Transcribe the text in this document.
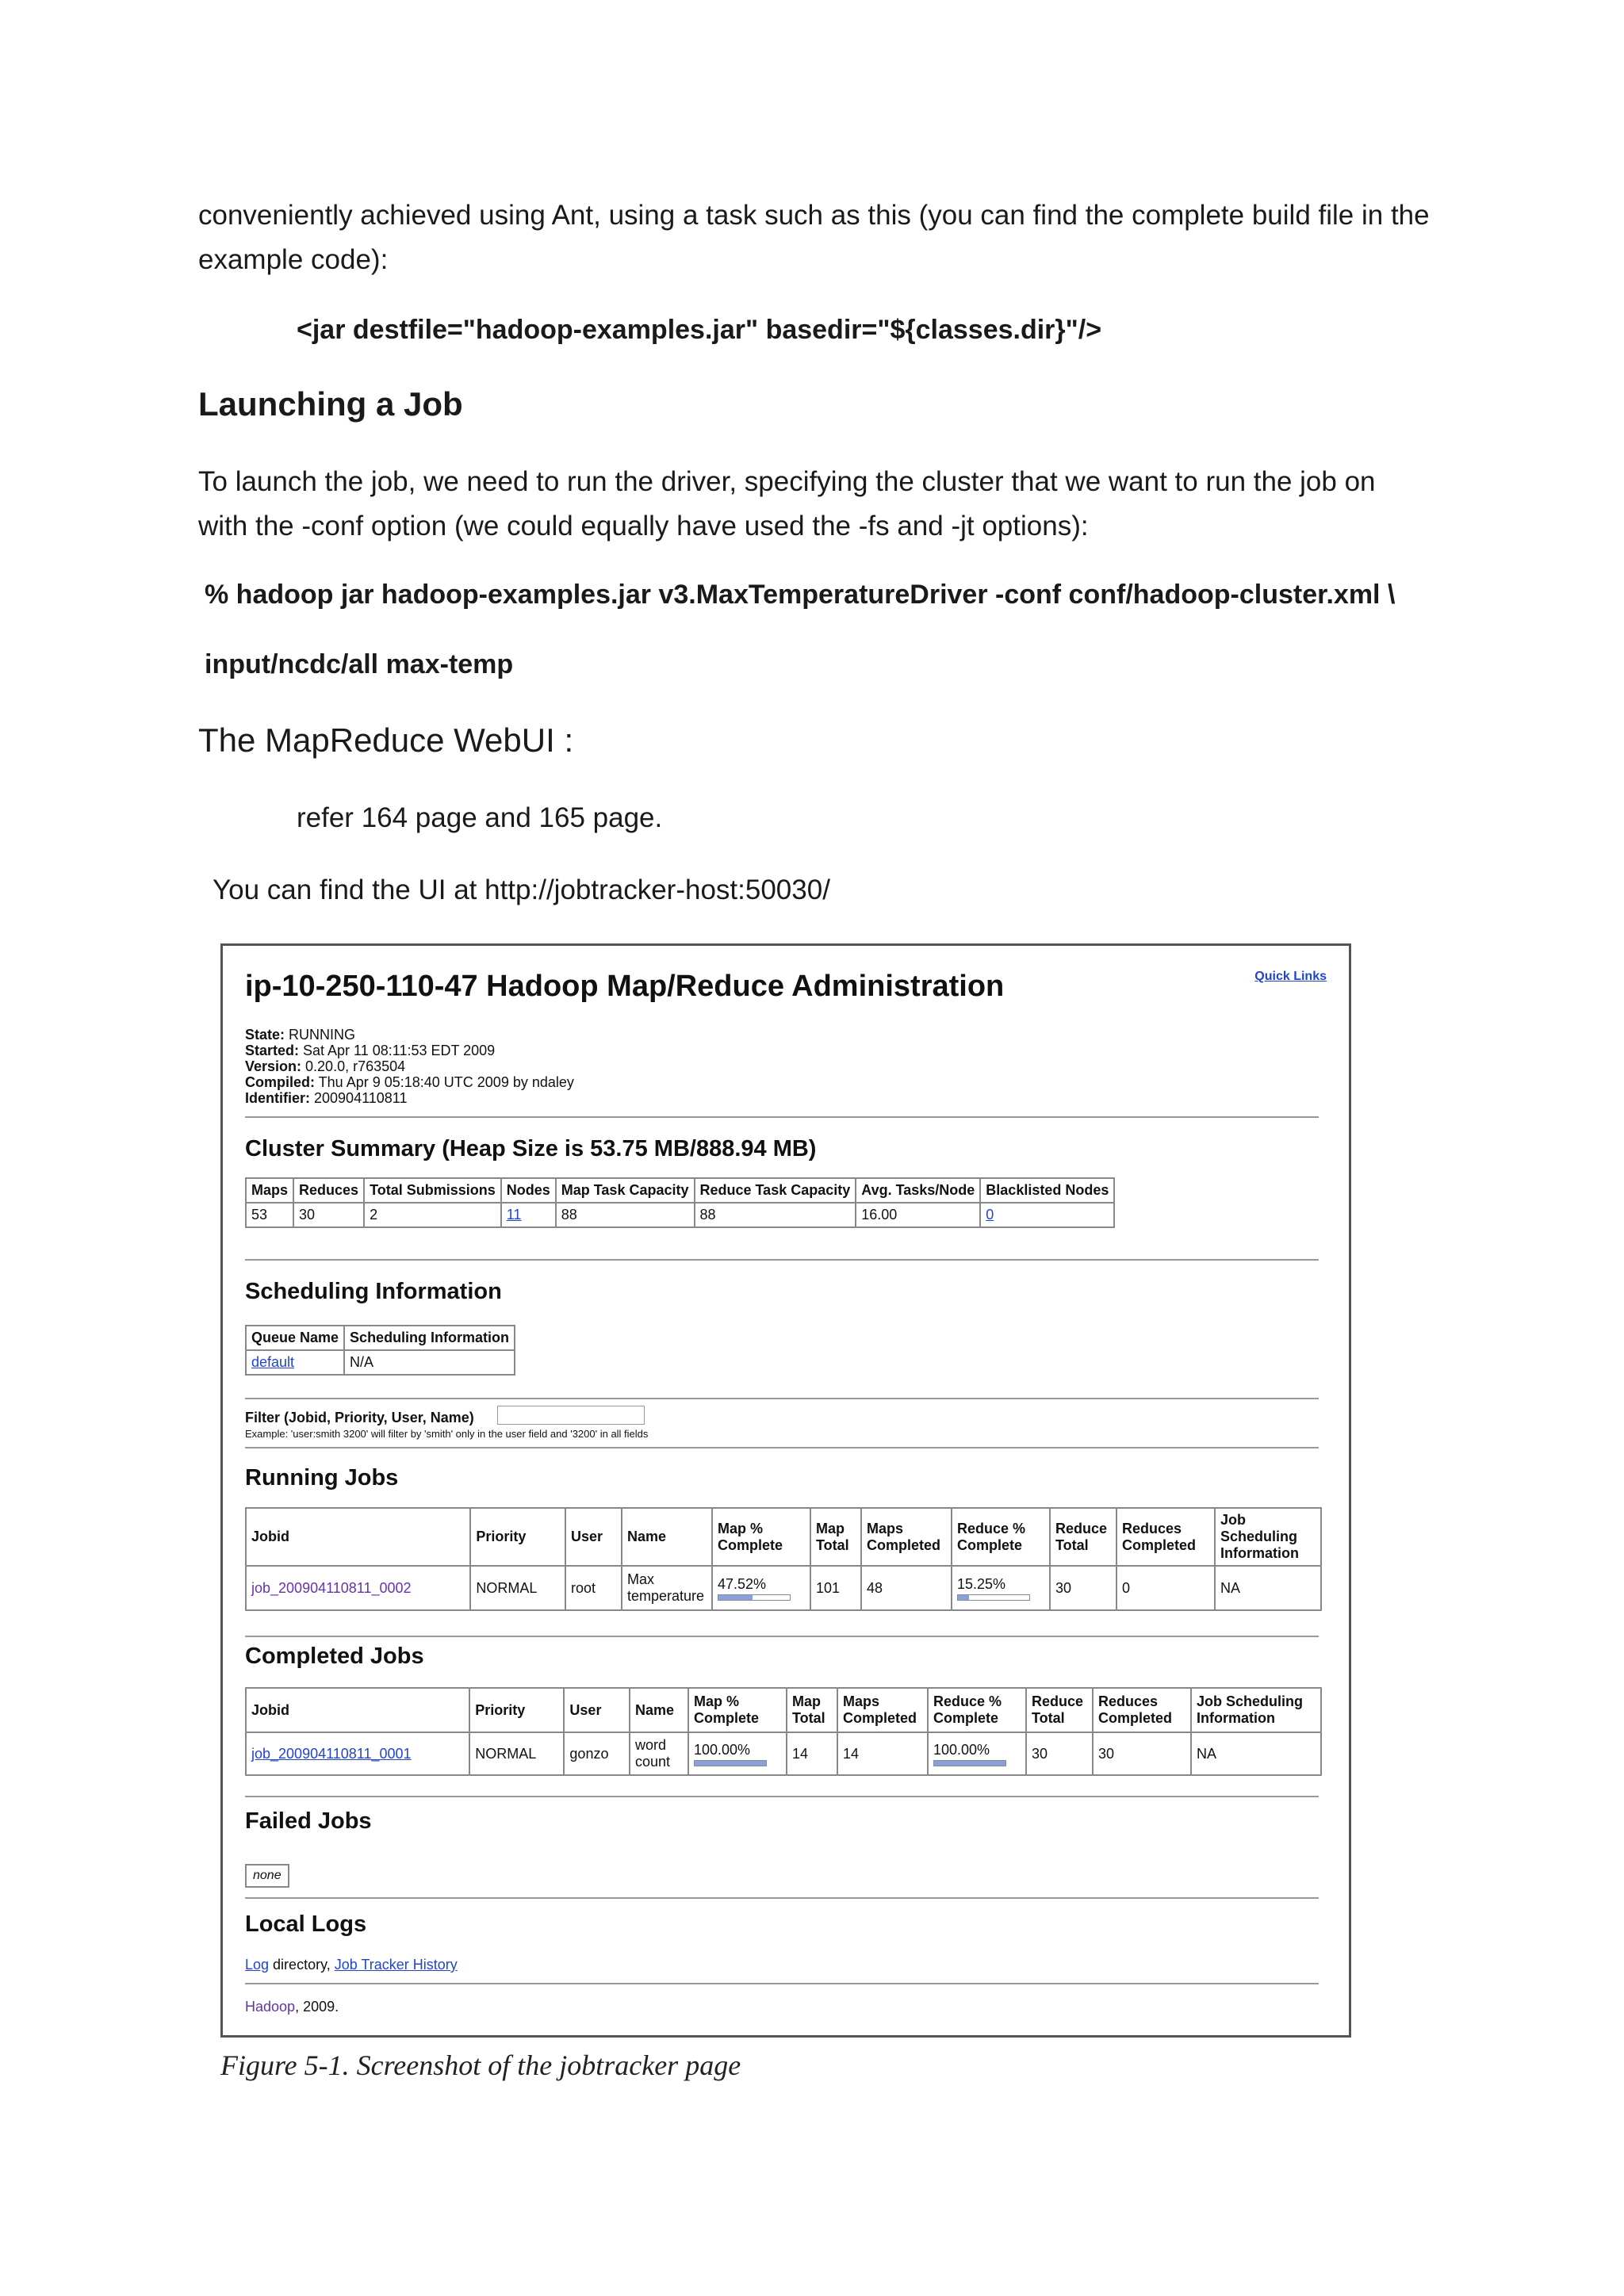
conveniently achieved using Ant, using a task such as this (you can find the complete build file in the
example code):
<jar destfile="hadoop-examples.jar" basedir="${classes.dir}"/>
Launching a Job
To launch the job, we need to run the driver, specifying the cluster that we want to run the job on
with the -conf option (we could equally have used the -fs and -jt options):
% hadoop jar hadoop-examples.jar v3.MaxTemperatureDriver -conf conf/hadoop-cluster.xml \
input/ncdc/all max-temp
The MapReduce WebUI :
refer 164 page and 165 page.
You can find the UI at http://jobtracker-host:50030/
Quick Links
ip-10-250-110-47 Hadoop Map/Reduce Administration
State: RUNNING
Started: Sat Apr 11 08:11:53 EDT 2009
Version: 0.20.0, r763504
Compiled: Thu Apr 9 05:18:40 UTC 2009 by ndaley
Identifier: 200904110811
Cluster Summary (Heap Size is 53.75 MB/888.94 MB)
Maps	Reduces	Total Submissions	Nodes	Map Task Capacity	Reduce Task Capacity	Avg. Tasks/Node	Blacklisted Nodes
53	30	2	11	88	88	16.00	0
Scheduling Information
Queue Name	Scheduling Information
default	N/A
Filter (Jobid, Priority, User, Name)
Example: 'user:smith 3200' will filter by 'smith' only in the user field and '3200' in all fields
Running Jobs
Jobid	Priority	User	Name	Map % Complete	Map Total	Maps Completed	Reduce % Complete	Reduce Total	Reduces Completed	Job Scheduling Information
job_200904110811_0002	NORMAL	root	Max temperature	47.52%	101	48	15.25%	30	0	NA
Completed Jobs
Jobid	Priority	User	Name	Map % Complete	Map Total	Maps Completed	Reduce % Complete	Reduce Total	Reduces Completed	Job Scheduling Information
job_200904110811_0001	NORMAL	gonzo	word count	100.00%	14	14	100.00%	30	30	NA
Failed Jobs
none
Local Logs
Log directory, Job Tracker History
Hadoop, 2009.
Figure 5-1. Screenshot of the jobtracker page
